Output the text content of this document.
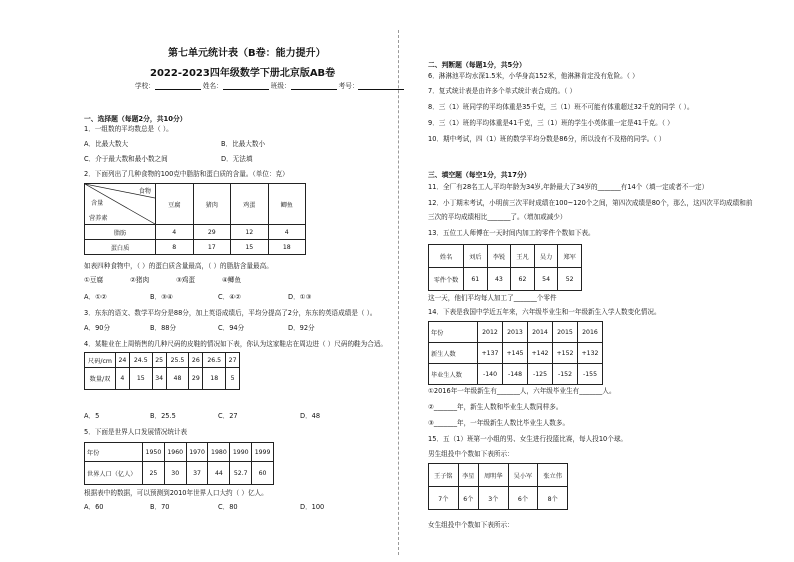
第七单元统计表（B卷：能力提升）
2022-2023四年级数学下册北京版AB卷
学校：	姓名：	班级：	考号：
一、选择题（每题2分，共10分）
1．一组数的平均数总是（ ）。
A．比最大数大	B．比最大数小
C．介于最大数和最小数之间	D．无法填
2．下面列出了几种食物的100克中脂肪和蛋白质的含量。（单位：克）
食物
含量
营养素	豆腐	猪肉	鸡蛋	鲫鱼
脂肪	4	29	12	4
蛋白质	8	17	15	18
如表四种食物中，（ ）的蛋白质含量最高，（ ）的脂肪含量最高。
①豆腐	②猪肉	③鸡蛋	④鲫鱼
A．①②	B．③④	C．④②	D．①③
3．东东的语文、数学平均分是88分，加上英语成绩后，平均分提高了2分，东东的英语成绩是（ ）。
A．90分	B．88分	C．94分	D．92分
4．某鞋业在上周销售的几种尺码的皮鞋的情况如下表，你认为这家鞋店在周边进（ ）尺码的鞋为合适。
尺码/cm	24	24.5	25	25.5	26	26.5	27
数量/双	4	15	34	48	29	18	5
A．5	B．25.5	C．27	D．48
5．下面是世界人口发展情况统计表
年份	1950	1960	1970	1980	1990	1999
世界人口（亿人）	25	30	37	44	52.7	60
根据表中的数据，可以预测到2010年世界人口大约（ ）亿人。
A．60	B．70	C．80	D．100
二、判断题（每题1分，共5分）
6．淋淋池平均水深1.5米，小华身高152米，他淋淋肯定没有危险。（ ）
7．复式统计表是由许多个单式统计表合成的。（ ）
8．三（1）班同学的平均体重是35千克，三（1）班不可能有体重超过32千克的同学（ ）。
9．三（1）班的平均体重是41千克，三（1）班的学生小英体重一定是41千克。（ ）
10．期中考试，四（1）班的数学平均分数是86分，所以没有不及格的同学。（ ）
三、填空题（每空1分，共17分）
11．全厂有28名工人,平均年龄为34岁,年龄最大了34岁的_______有14个（填一定或者不一定）
12．小丁期末考试，小明前三次平时成绩在100~120个之间，第四次成绩是80个，那么，这四次平均成绩和前
三次的平均成绩相比_______了。（增加或减少）
13．五位工人师傅在一天时间内加工的零件个数如下表。
姓名	刘后	李锐	王凡	吴力	郑军
零件个数	61	43	62	54	52
这一天，他们平均每人加工了_______个零件
14．下表是我国中学近五年来，六年级毕业生和一年级新生入学人数变化情况。
年份	2012	2013	2014	2015	2016
新生人数	+137	+145	+142	+152	+132
毕业生人数	-140	-148	-125	-152	-155
①2016年一年级新生有_______人，六年级毕业生有_______人。
②_______年，新生人数和毕业生人数同样多。
③_______年，一年级新生人数比毕业生人数多。
15．五（1）班第一小组的男、女生进行投篮比赛，每人投10个球。
男生组投中个数如下表所示：
王子铭	李星	周明华	吴小军	张立伟
7个	6个	3个	6个	8个
女生组投中个数如下表所示：
